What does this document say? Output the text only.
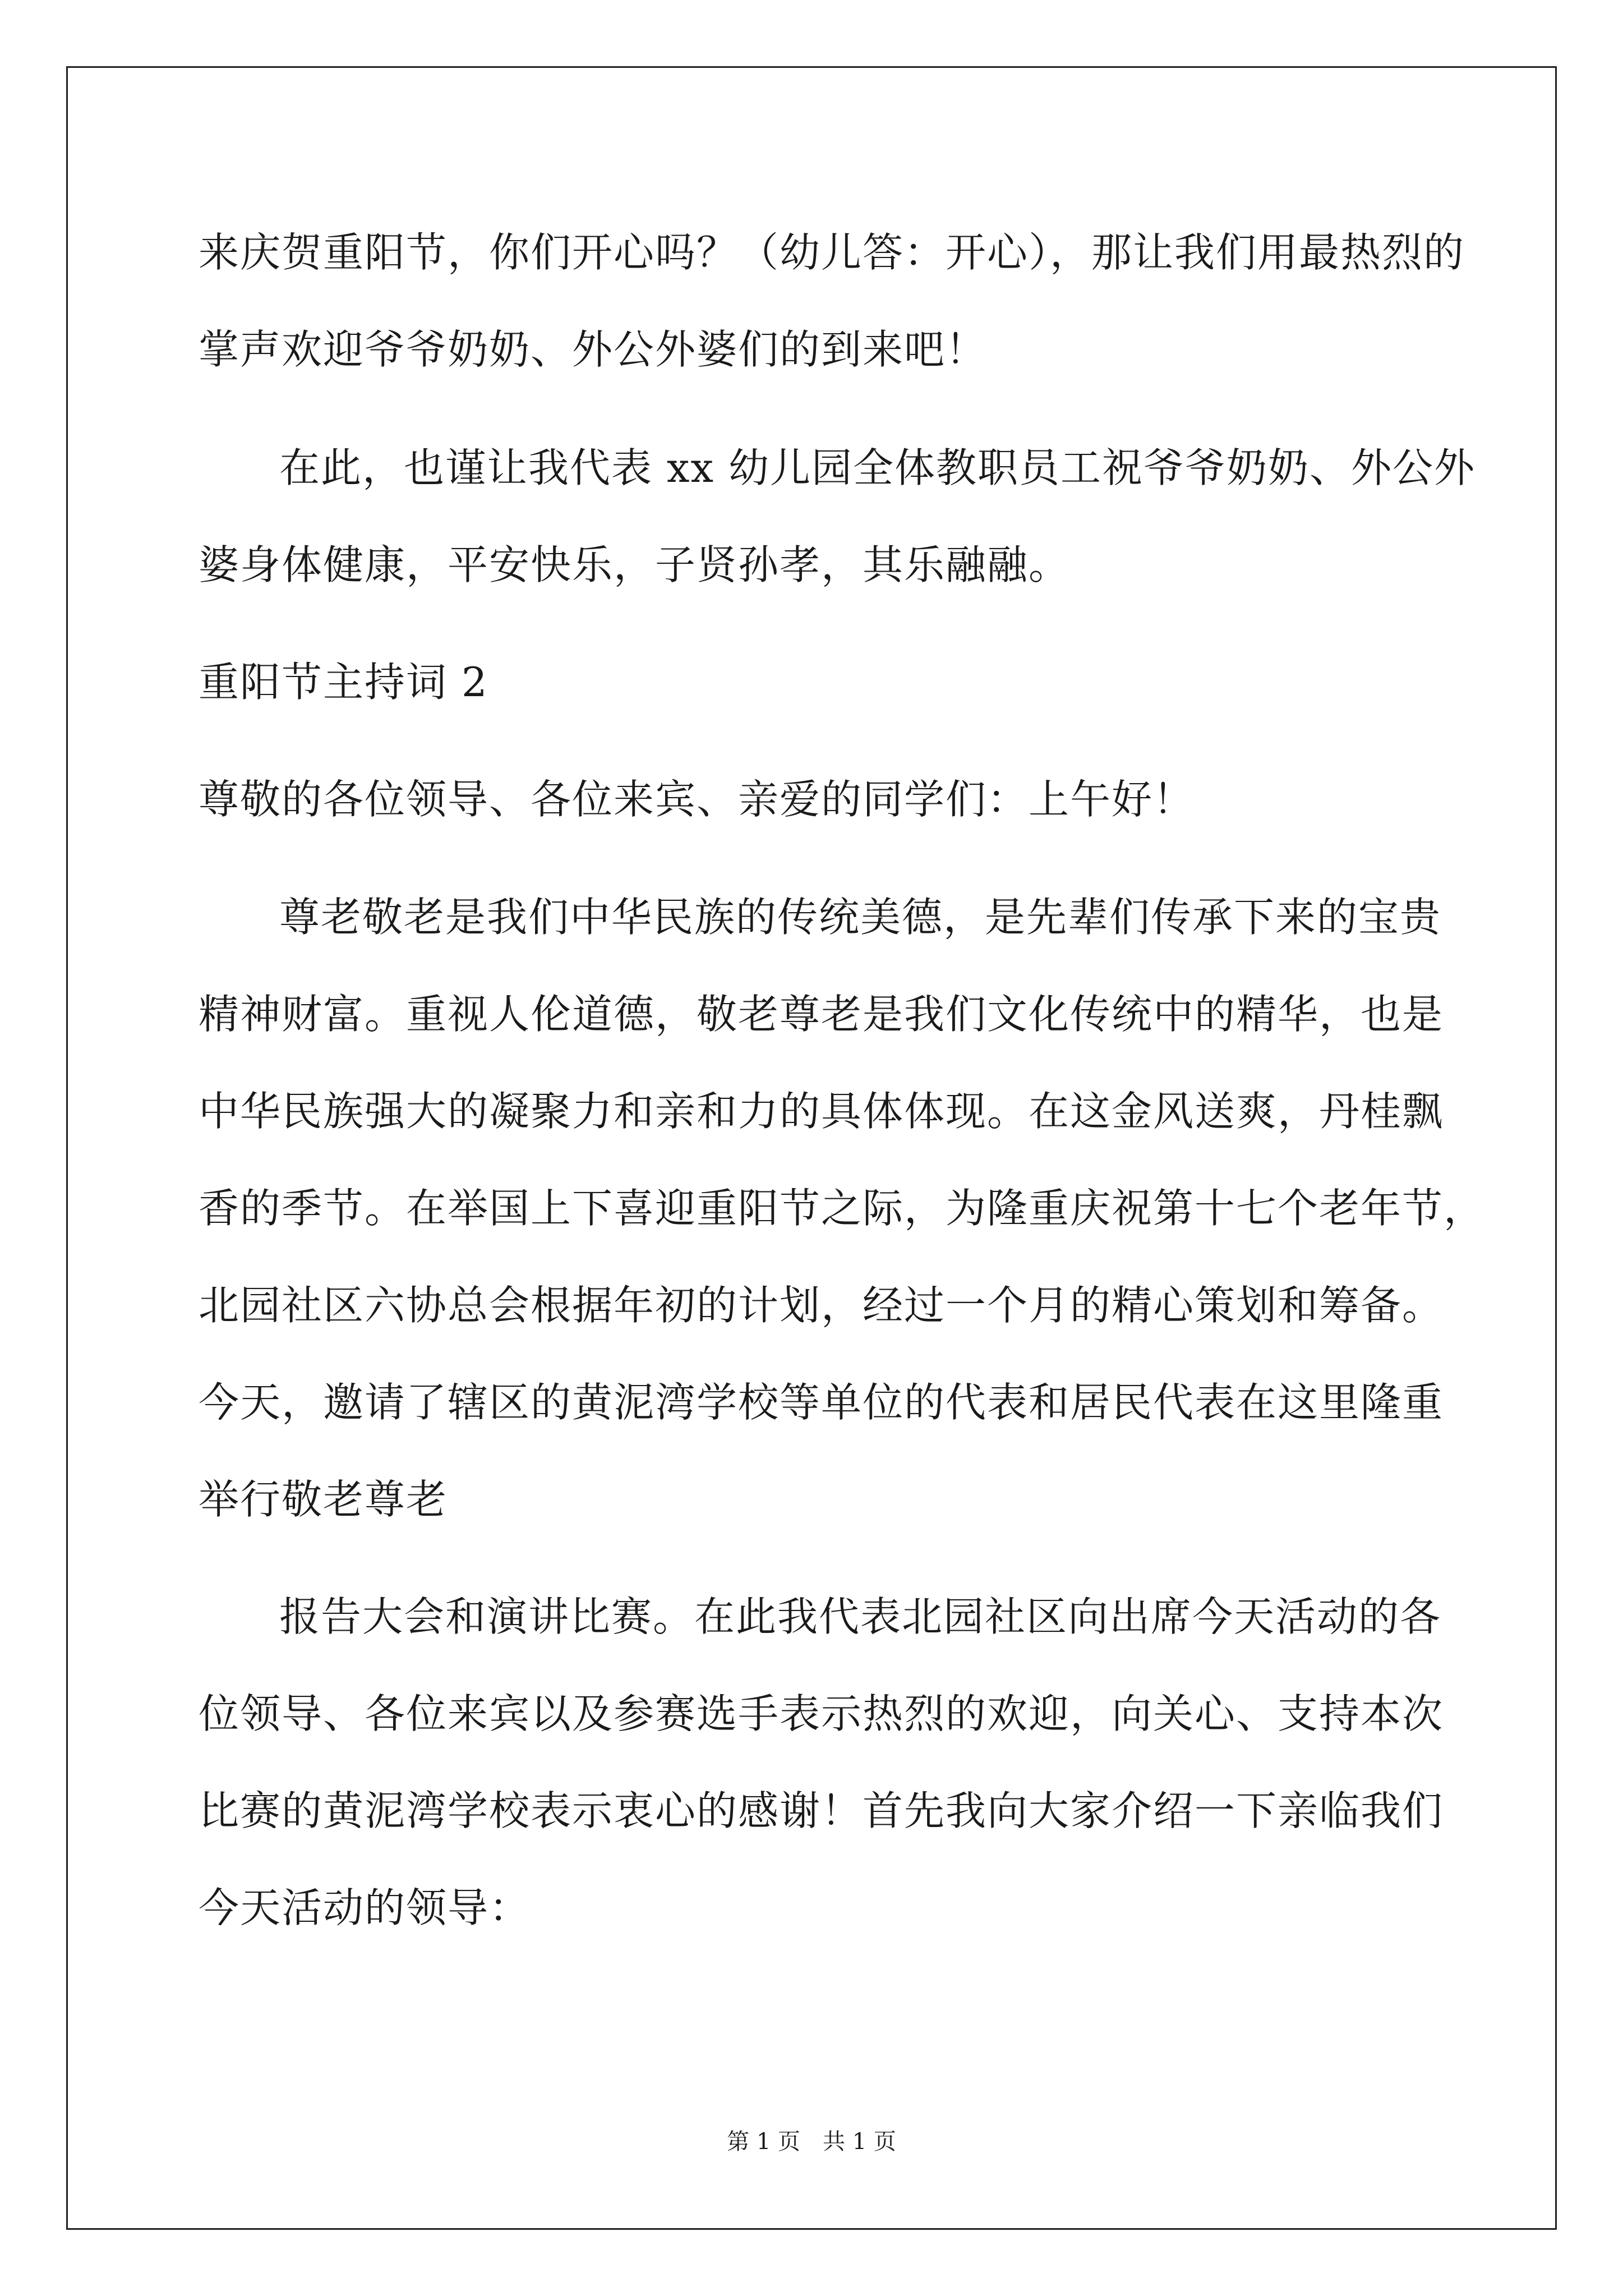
来庆贺重阳节，你们开心吗？（幼儿答：开心），那让我们用最热烈的
掌声欢迎爷爷奶奶、外公外婆们的到来吧！
在此，也谨让我代表 xx 幼儿园全体教职员工祝爷爷奶奶、外公外
婆身体健康，平安快乐，子贤孙孝，其乐融融。
重阳节主持词 2
尊敬的各位领导、各位来宾、亲爱的同学们：上午好！
尊老敬老是我们中华民族的传统美德，是先辈们传承下来的宝贵
精神财富。重视人伦道德，敬老尊老是我们文化传统中的精华，也是
中华民族强大的凝聚力和亲和力的具体体现。在这金风送爽，丹桂飘
香的季节。在举国上下喜迎重阳节之际，为隆重庆祝第十七个老年节，
北园社区六协总会根据年初的计划，经过一个月的精心策划和筹备。
今天，邀请了辖区的黄泥湾学校等单位的代表和居民代表在这里隆重
举行敬老尊老
报告大会和演讲比赛。在此我代表北园社区向出席今天活动的各
位领导、各位来宾以及参赛选手表示热烈的欢迎，向关心、支持本次
比赛的黄泥湾学校表示衷心的感谢！首先我向大家介绍一下亲临我们
今天活动的领导：
第 1 页　共 1 页
